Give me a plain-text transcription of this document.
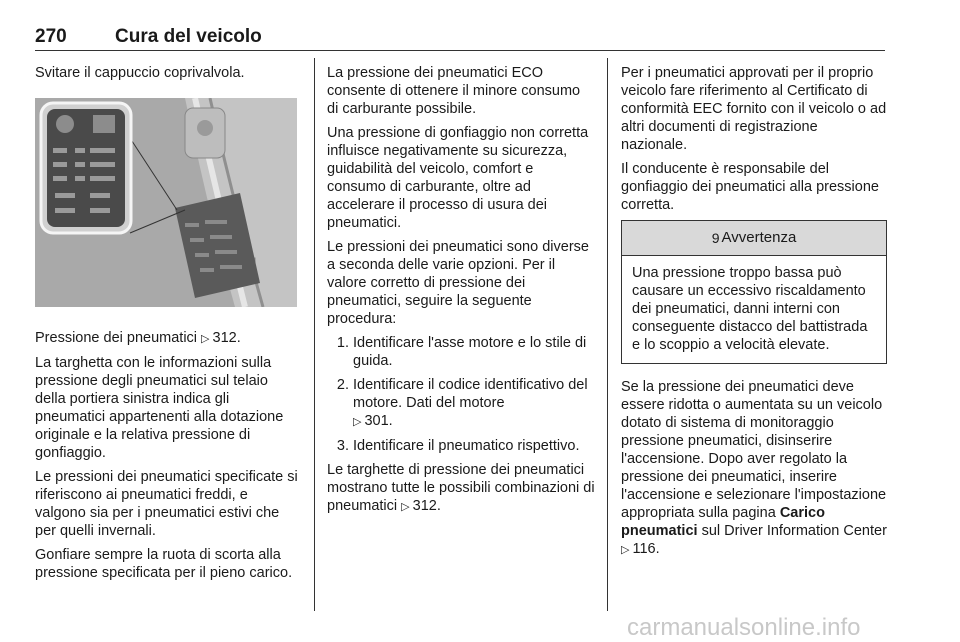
270	Cura del veicolo

Svitare il cappuccio coprivalvola.

Pressione dei pneumatici ▷ 312.

La targhetta con le informazioni sulla pressione degli pneumatici sul telaio della portiera sinistra indica gli pneumatici appartenenti alla dotazione originale e la relativa pressione di gonfiaggio.

Le pressioni dei pneumatici specificate si riferiscono ai pneumatici freddi, e valgono sia per i pneumatici estivi che per quelli invernali.

Gonfiare sempre la ruota di scorta alla pressione specificata per il pieno carico.

La pressione dei pneumatici ECO consente di ottenere il minore consumo di carburante possibile.

Una pressione di gonfiaggio non corretta influisce negativamente su sicurezza, guidabilità del veicolo, comfort e consumo di carburante, oltre ad accelerare il processo di usura dei pneumatici.

Le pressioni dei pneumatici sono diverse a seconda delle varie opzioni. Per il valore corretto di pressione dei pneumatici, seguire la seguente procedura:

1. Identificare l'asse motore e lo stile di guida.
2. Identificare il codice identificativo del motore. Dati del motore
▷ 301.
3. Identificare il pneumatico rispettivo.

Le targhette di pressione dei pneumatici mostrano tutte le possibili combinazioni di pneumatici ▷ 312.

Per i pneumatici approvati per il proprio veicolo fare riferimento al Certificato di conformità EEC fornito con il veicolo o ad altri documenti di registrazione nazionale.

Il conducente è responsabile del gonfiaggio dei pneumatici alla pressione corretta.

9 Avvertenza
Una pressione troppo bassa può causare un eccessivo riscaldamento dei pneumatici, danni interni con conseguente distacco del battistrada e lo scoppio a velocità elevate.

Se la pressione dei pneumatici deve essere ridotta o aumentata su un veicolo dotato di sistema di monitoraggio pressione pneumatici, disinserire l'accensione. Dopo aver regolato la pressione dei pneumatici, inserire l'accensione e selezionare l'impostazione appropriata sulla pagina Carico pneumatici sul Driver Information Center ▷ 116.

carmanualsonline.info
